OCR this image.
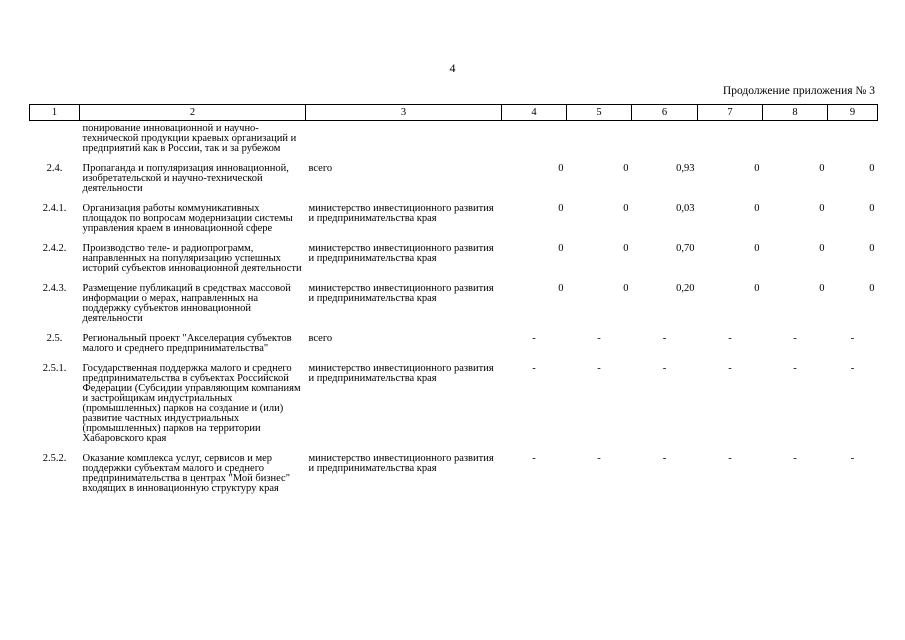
4
Продолжение приложения № 3
1	2	3	4	5	6	7	8	9
	понирование инновационной и научно-технической продукции краевых организаций и предприятий как в России, так и за рубежом							
2.4.	Пропаганда и популяризация инновационной, изобретательской и научно-технической деятельности	всего	0	0	0,93	0	0	0
2.4.1.	Организация работы коммуникативных площадок по вопросам модернизации системы управления краем в инновационной сфере	министерство инвестиционного развития и предпринимательства края	0	0	0,03	0	0	0
2.4.2.	Производство теле- и радиопрограмм, направленных на популяризацию успешных историй субъектов инновационной деятельности	министерство инвестиционного развития и предпринимательства края	0	0	0,70	0	0	0
2.4.3.	Размещение публикаций в средствах массовой информации о мерах, направленных на поддержку субъектов инновационной деятельности	министерство инвестиционного развития и предпринимательства края	0	0	0,20	0	0	0
2.5.	Региональный проект "Акселерация субъектов малого и среднего предпринимательства"	всего	-	-	-	-	-	-
2.5.1.	Государственная поддержка малого и среднего предпринимательства в субъектах Российской Федерации (Субсидии управляющим компаниям и застройщикам индустриальных (промышленных) парков на создание и (или) развитие частных индустриальных (промышленных) парков на территории Хабаровского края	министерство инвестиционного развития и предпринимательства края	-	-	-	-	-	-
2.5.2.	Оказание комплекса услуг, сервисов и мер поддержки субъектам малого и среднего предпринимательства в центрах "Мой бизнес" входящих в инновационную структуру края	министерство инвестиционного развития и предпринимательства края	-	-	-	-	-	-
